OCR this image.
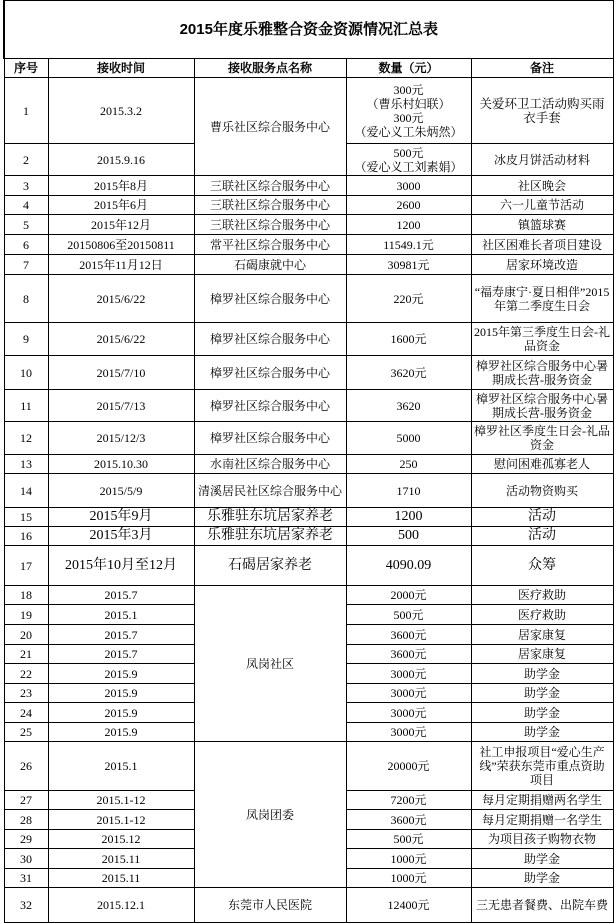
2015年度乐雅整合资金资源情况汇总表				
序号	接收时间	接收服务点名称	数量（元）	备注
1	2015.3.2	曹乐社区综合服务中心	300元
（曹乐村妇联）
300元
（爱心义工朱炳然）	关爱环卫工活动购买雨衣手套
2	2015.9.16		500元
（爱心义工刘素娟）	冰皮月饼活动材料
3	2015年8月	三联社区综合服务中心	3000	社区晚会
4	2015年6月	三联社区综合服务中心	2600	六一儿童节活动
5	2015年12月	三联社区综合服务中心	1200	镇篮球赛
6	20150806至20150811	常平社区综合服务中心	11549.1元	社区困难长者项目建设
7	2015年11月12日	石碣康就中心	30981元	居家环境改造
8	2015/6/22	樟罗社区综合服务中心	220元	“福寿康宁·夏日相伴”2015年第二季度生日会
9	2015/6/22	樟罗社区综合服务中心	1600元	2015年第三季度生日会-礼品资金
10	2015/7/10	樟罗社区综合服务中心	3620元	樟罗社区综合服务中心暑期成长营-服务资金
11	2015/7/13	樟罗社区综合服务中心	3620	樟罗社区综合服务中心暑期成长营-服务资金
12	2015/12/3	樟罗社区综合服务中心	5000	樟罗社区季度生日会-礼品资金
13	2015.10.30	水南社区综合服务中心	250	慰问困难孤寡老人
14	2015/5/9	清溪居民社区综合服务中心	1710	活动物资购买
15	2015年9月	乐雅驻东坑居家养老	1200	活动
16	2015年3月	乐雅驻东坑居家养老	500	活动
17	2015年10月至12月	石碣居家养老	4090.09	众筹
18	2015.7	凤岗社区	2000元	医疗救助
19	2015.1		500元	医疗救助
20	2015.7		3600元	居家康复
21	2015.7		3600元	居家康复
22	2015.9		3000元	助学金
23	2015.9		3000元	助学金
24	2015.9		3000元	助学金
25	2015.9		3000元	助学金
26	2015.1	凤岗团委	20000元	社工申报项目“爱心生产线”荣获东莞市重点资助项目
27	2015.1-12		7200元	每月定期捐赠两名学生
28	2015.1-12		3600元	每月定期捐赠一名学生
29	2015.12		500元	为项目孩子购物衣物
30	2015.11		1000元	助学金
31	2015.11		1000元	助学金
32	2015.12.1	东莞市人民医院	12400元	三无患者餐费、出院车费
